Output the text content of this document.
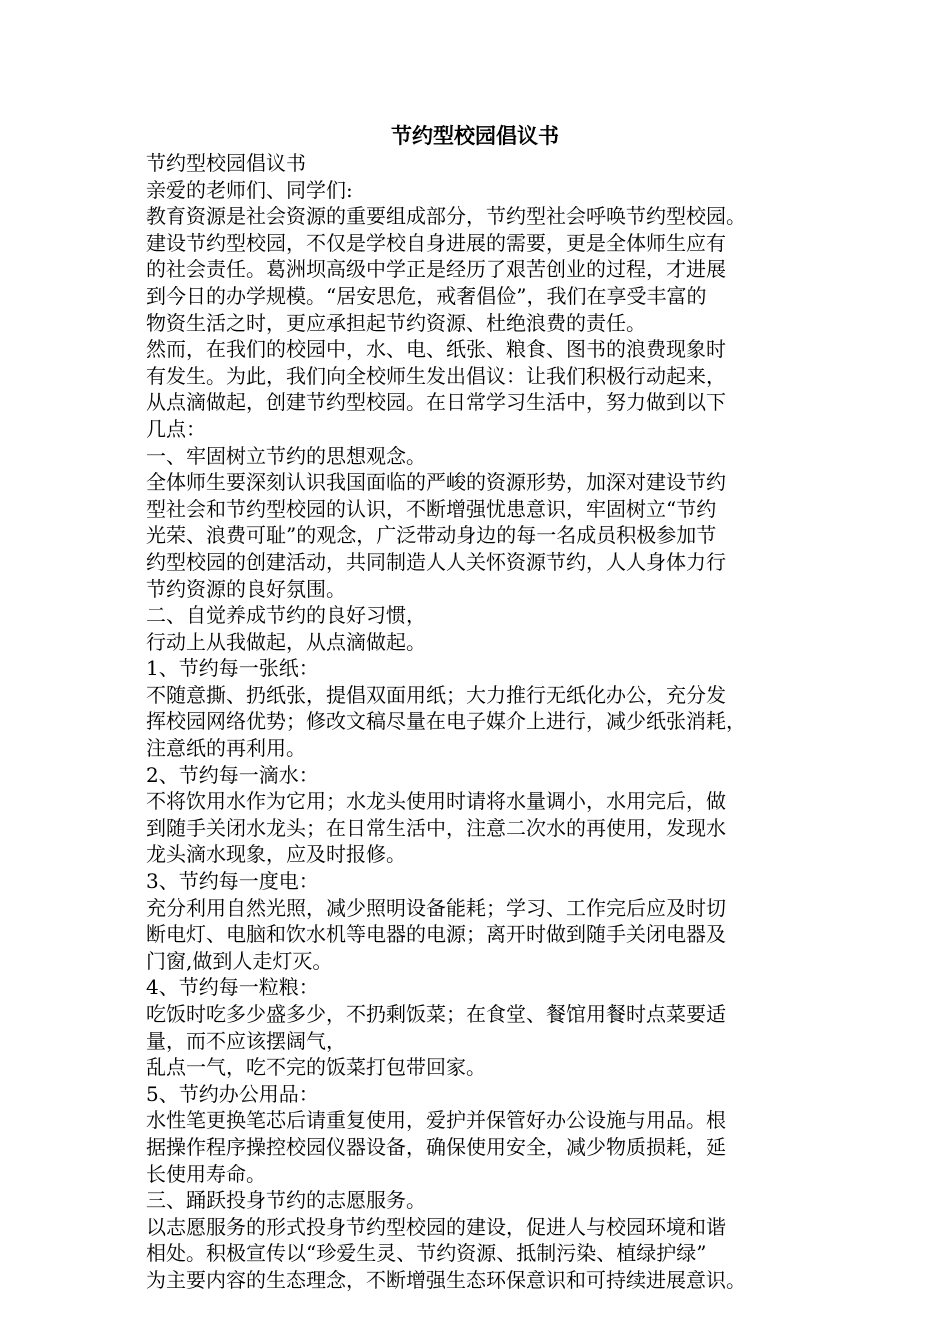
节约型校园倡议书

节约型校园倡议书

亲爱的老师们、同学们:

教育资源是社会资源的重要组成部分，节约型社会呼唤节约型校园。

建设节约型校园，不仅是学校自身进展的需要，更是全体师生应有

的社会责任。葛洲坝高级中学正是经历了艰苦创业的过程，才进展

到今日的办学规模。“居安思危，戒奢倡俭”，我们在享受丰富的

物资生活之时，更应承担起节约资源、杜绝浪费的责任。

然而，在我们的校园中，水、电、纸张、粮食、图书的浪费现象时

有发生。为此，我们向全校师生发出倡议：让我们积极行动起来，

从点滴做起，创建节约型校园。在日常学习生活中，努力做到以下

几点：

一、牢固树立节约的思想观念。

全体师生要深刻认识我国面临的严峻的资源形势，加深对建设节约

型社会和节约型校园的认识，不断增强忧患意识，牢固树立“节约

光荣、浪费可耻”的观念，广泛带动身边的每一名成员积极参加节

约型校园的创建活动，共同制造人人关怀资源节约，人人身体力行

节约资源的良好氛围。

二、自觉养成节约的良好习惯，

行动上从我做起，从点滴做起。

1、节约每一张纸：

不随意撕、扔纸张，提倡双面用纸；大力推行无纸化办公，充分发

挥校园网络优势；修改文稿尽量在电子媒介上进行，减少纸张消耗，

注意纸的再利用。

2、节约每一滴水：

不将饮用水作为它用；水龙头使用时请将水量调小，水用完后，做

到随手关闭水龙头；在日常生活中，注意二次水的再使用，发现水

龙头滴水现象，应及时报修。

3、节约每一度电：

充分利用自然光照，减少照明设备能耗；学习、工作完后应及时切

断电灯、电脑和饮水机等电器的电源；离开时做到随手关闭电器及

门窗,做到人走灯灭。

4、节约每一粒粮：

吃饭时吃多少盛多少，不扔剩饭菜；在食堂、餐馆用餐时点菜要适

量，而不应该摆阔气，

乱点一气，吃不完的饭菜打包带回家。

5、节约办公用品：

水性笔更换笔芯后请重复使用，爱护并保管好办公设施与用品。根

据操作程序操控校园仪器设备，确保使用安全，减少物质损耗，延

长使用寿命。

三、踊跃投身节约的志愿服务。

以志愿服务的形式投身节约型校园的建设，促进人与校园环境和谐

相处。积极宣传以“珍爱生灵、节约资源、抵制污染、植绿护绿”

为主要内容的生态理念，不断增强生态环保意识和可持续进展意识。
